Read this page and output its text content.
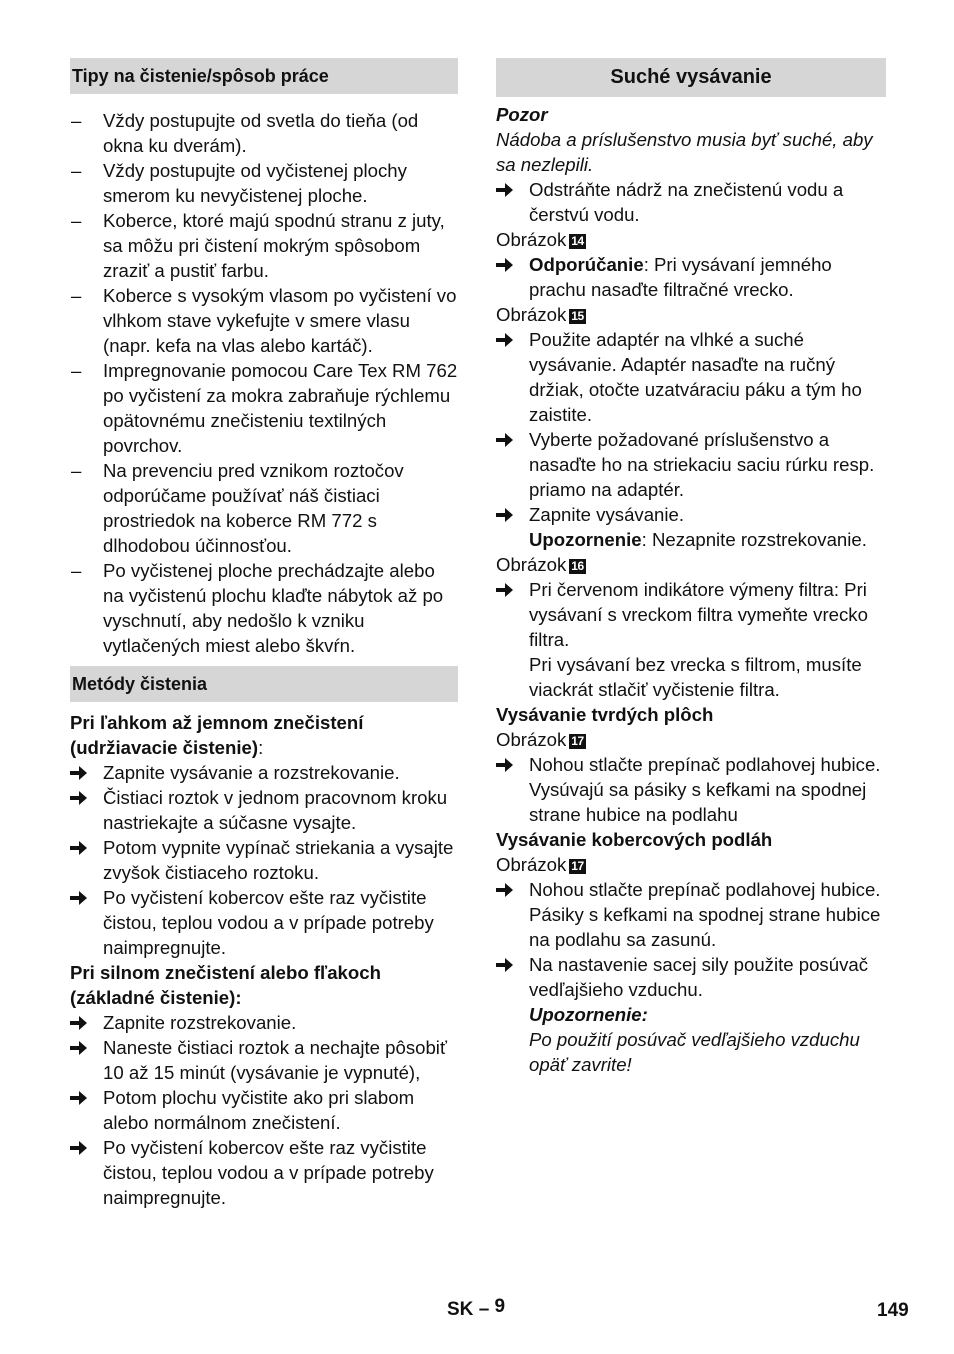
Tipy na čistenie/spôsob práce
–	Vždy postupujte od svetla do tieňa (od okna ku dverám).
–	Vždy postupujte od vyčistenej plochy smerom ku nevyčistenej ploche.
–	Koberce, ktoré majú spodnú stranu z juty, sa môžu pri čistení mokrým spôsobom zraziť a pustiť farbu.
–	Koberce s vysokým vlasom po vyčistení vo vlhkom stave vykefujte v smere vlasu (napr. kefa na vlas alebo kartáč).
–	Impregnovanie pomocou Care Tex RM 762 po vyčistení za mokra zabraňuje rýchlemu opätovnému znečisteniu textilných povrchov.
–	Na prevenciu pred vznikom roztočov odporúčame používať náš čistiaci prostriedok na koberce RM 772 s dlhodobou účinnosťou.
–	Po vyčistenej ploche prechádzajte alebo na vyčistenú plochu klaďte nábytok až po vyschnutí, aby nedošlo k vzniku vytlačených miest alebo škvŕn.
Metódy čistenia
Pri ľahkom až jemnom znečistení (udržiavacie čistenie):
Zapnite vysávanie a rozstrekovanie.
Čistiaci roztok v jednom pracovnom kroku nastriekajte a súčasne vysajte.
Potom vypnite vypínač striekania a vysajte zvyšok čistiaceho roztoku.
Po vyčistení kobercov ešte raz vyčistite čistou, teplou vodou a v prípade potreby naimpregnujte.
Pri silnom znečistení alebo fľakoch (základné čistenie):
Zapnite rozstrekovanie.
Naneste čistiaci roztok a nechajte pôsobiť 10 až 15 minút (vysávanie je vypnuté),
Potom plochu vyčistite ako pri slabom alebo normálnom znečistení.
Po vyčistení kobercov ešte raz vyčistite čistou, teplou vodou a v prípade potreby naimpregnujte.
Suché vysávanie
Pozor
Nádoba a príslušenstvo musia byť suché, aby sa nezlepili.
Odstráňte nádrž na znečistenú vodu a čerstvú vodu.
Obrázok 14
Odporúčanie: Pri vysávaní jemného prachu nasaďte filtračné vrecko.
Obrázok 15
Použite adaptér na vlhké a suché vysávanie. Adaptér nasaďte na ručný držiak, otočte uzatváraciu páku a tým ho zaistite.
Vyberte požadované príslušenstvo a nasaďte ho na striekaciu saciu rúrku resp. priamo na adaptér.
Zapnite vysávanie.
Upozornenie: Nezapnite rozstrekovanie.
Obrázok 16
Pri červenom indikátore výmeny filtra: Pri vysávaní s vreckom filtra vymeňte vrecko filtra.
Pri vysávaní bez vrecka s filtrom, musíte viackrát stlačiť vyčistenie filtra.
Vysávanie tvrdých plôch
Obrázok 17
Nohou stlačte prepínač podlahovej hubice. Vysúvajú sa pásiky s kefkami na spodnej strane hubice na podlahu
Vysávanie kobercových podláh
Obrázok 17
Nohou stlačte prepínač podlahovej hubice. Pásiky s kefkami na spodnej strane hubice na podlahu sa zasunú.
Na nastavenie sacej sily použite posúvač vedľajšieho vzduchu.
Upozornenie:
Po použití posúvač vedľajšieho vzduchu opäť zavrite!
SK – 9	149
